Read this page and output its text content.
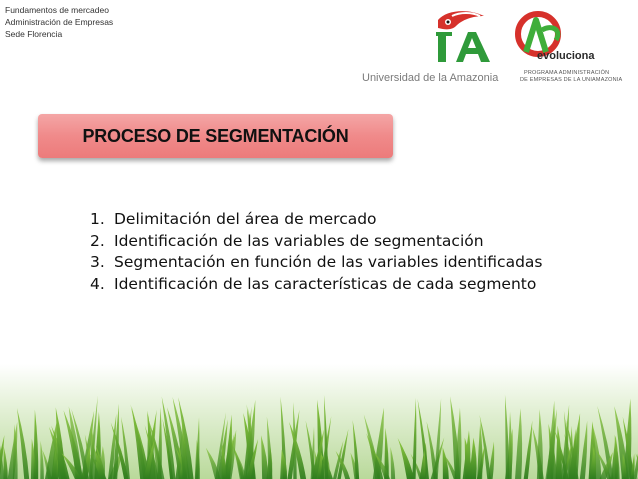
Fundamentos de mercadeo
Administración de Empresas
Sede Florencia
Universidad de la Amazonia
evoluciona
PROGRAMA ADMINISTRACIÓN
DE EMPRESAS DE LA UNIAMAZONIA
PROCESO DE SEGMENTACIÓN
1. Delimitación del área de mercado
2. Identificación de las variables de segmentación
3. Segmentación en función de las variables identificadas
4. Identificación de las características de cada segmento
